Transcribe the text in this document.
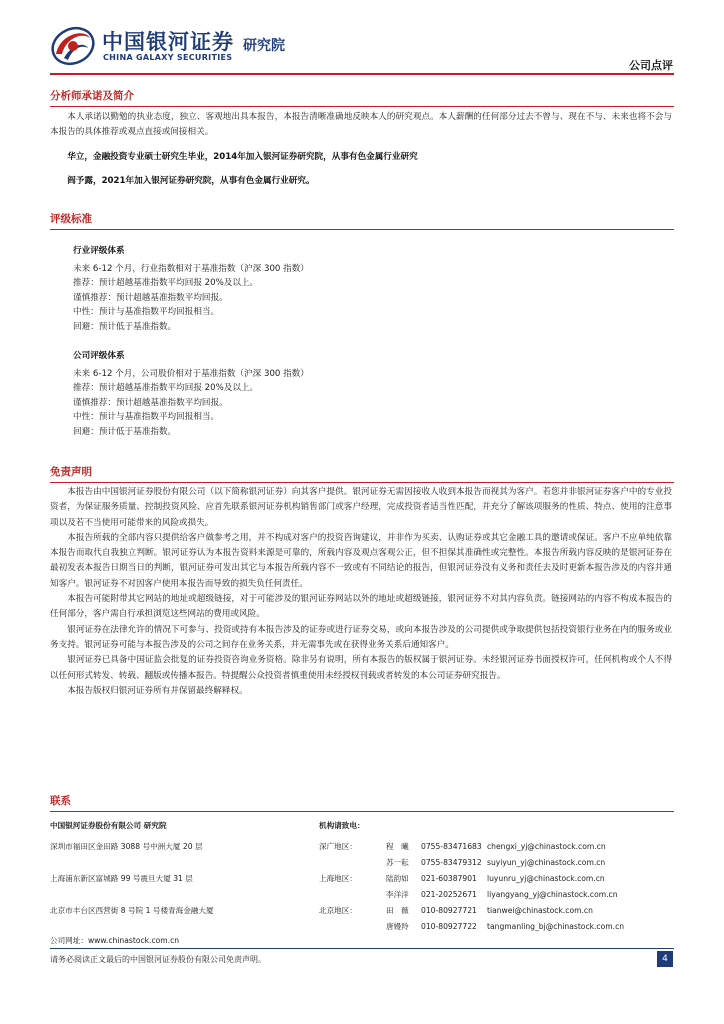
中国银河证券
CHINA GALAXY SECURITIES
研究院
公司点评
分析师承诺及简介
本人承诺以勤勉的执业态度，独立、客观地出具本报告，本报告清晰准确地反映本人的研究观点。本人薪酬的任何部分过去不曾与、现在不与、未来也将不会与本报告的具体推荐或观点直接或间接相关。
华立，金融投资专业硕士研究生毕业，2014年加入银河证券研究院，从事有色金属行业研究
阎予露，2021年加入银河证券研究院，从事有色金属行业研究。
评级标准
行业评级体系
未来 6-12 个月，行业指数相对于基准指数（沪深 300 指数）
推荐：预计超越基准指数平均回报 20%及以上。
谨慎推荐：预计超越基准指数平均回报。
中性：预计与基准指数平均回报相当。
回避：预计低于基准指数。
公司评级体系
未来 6-12 个月，公司股价相对于基准指数（沪深 300 指数）
推荐：预计超越基准指数平均回报 20%及以上。
谨慎推荐：预计超越基准指数平均回报。
中性：预计与基准指数平均回报相当。
回避：预计低于基准指数。
免责声明
本报告由中国银河证券股份有限公司（以下简称银河证券）向其客户提供。银河证券无需因接收人收到本报告而视其为客户。若您并非银河证券客户中的专业投资者，为保证服务质量、控制投资风险、应首先联系银河证券机构销售部门或客户经理，完成投资者适当性匹配，并充分了解该项服务的性质、特点、使用的注意事项以及若不当使用可能带来的风险或损失。
本报告所载的全部内容只提供给客户做参考之用，并不构成对客户的投资咨询建议，并非作为买卖、认购证券或其它金融工具的邀请或保证。客户不应单纯依靠本报告而取代自我独立判断。银河证券认为本报告资料来源是可靠的，所载内容及观点客观公正，但不担保其准确性或完整性。本报告所载内容反映的是银河证券在最初发表本报告日期当日的判断，银河证券可发出其它与本报告所载内容不一致或有不同结论的报告，但银河证券没有义务和责任去及时更新本报告涉及的内容并通知客户。银河证券不对因客户使用本报告而导致的损失负任何责任。
本报告可能附带其它网站的地址或超级链接，对于可能涉及的银河证券网站以外的地址或超级链接，银河证券不对其内容负责。链接网站的内容不构成本报告的任何部分，客户需自行承担浏览这些网站的费用或风险。
银河证券在法律允许的情况下可参与、投资或持有本报告涉及的证券或进行证券交易，或向本报告涉及的公司提供或争取提供包括投资银行业务在内的服务或业务支持。银河证券可能与本报告涉及的公司之间存在业务关系，并无需事先或在获得业务关系后通知客户。
银河证券已具备中国证监会批复的证券投资咨询业务资格。除非另有说明，所有本报告的版权属于银河证券。未经银河证券书面授权许可，任何机构或个人不得以任何形式转发、转载、翻版或传播本报告。特提醒公众投资者慎重使用未经授权刊载或者转发的本公司证券研究报告。
本报告版权归银河证券所有并保留最终解释权。
联系
中国银河证券股份有限公司 研究院	机构请致电：
深圳市福田区金田路 3088 号中洲大厦 20 层
上海浦东新区富城路 99 号震旦大厦 31 层
北京市丰台区西营街 8 号院 1 号楼青海金融大厦
公司网址：www.chinastock.com.cn
深广地区：
上海地区：
北京地区：
程　曦 0755-83471683 chengxi_yj@chinastock.com.cn
苏一耘 0755-83479312 suyiyun_yj@chinastock.com.cn
陆韵如 021-60387901 luyunru_yj@chinastock.com.cn
李洋洋 021-20252671 liyangyang_yj@chinastock.com.cn
田　薇 010-80927721 tianwei@chinastock.com.cn
唐嫚羚 010-80927722 tangmanling_bj@chinastock.com.cn
请务必阅读正文最后的中国银河证券股份有限公司免责声明。	4
